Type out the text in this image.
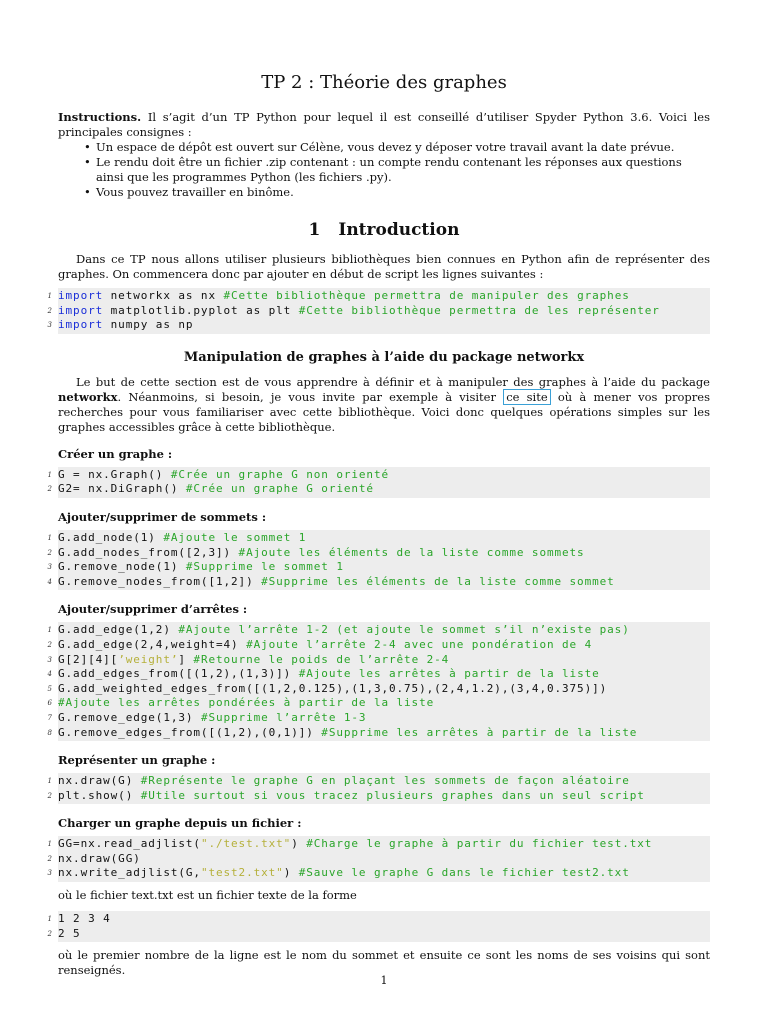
TP 2 : Théorie des graphes

Instructions. Il s’agit d’un TP Python pour lequel il est conseillé d’utiliser Spyder Python 3.6. Voici les principales consignes :

• Un espace de dépôt est ouvert sur Célène, vous devez y déposer votre travail avant la date prévue.
• Le rendu doit être un fichier .zip contenant : un compte rendu contenant les réponses aux questions ainsi que les programmes Python (les fichiers .py).
• Vous pouvez travailler en binôme.
1 Introduction

Dans ce TP nous allons utiliser plusieurs bibliothèques bien connues en Python afin de représenter des graphes. On commencera donc par ajouter en début de script les lignes suivantes :

1 import networkx as nx #Cette bibliothèque permettra de manipuler des graphes
2 import matplotlib.pyplot as plt #Cette bibliothèque permettra de les représenter
3 import numpy as np
Manipulation de graphes à l’aide du package networkx

Le but de cette section est de vous apprendre à définir et à manipuler des graphes à l’aide du package networkx. Néanmoins, si besoin, je vous invite par exemple à visiter ce site où à mener vos propres recherches pour vous familiariser avec cette bibliothèque. Voici donc quelques opérations simples sur les graphes accessibles grâce à cette bibliothèque.

Créer un graphe :
1 G = nx.Graph() #Crée un graphe G non orienté
2 G2= nx.DiGraph() #Crée un graphe G orienté
Ajouter/supprimer de sommets :
1 G.add_node(1) #Ajoute le sommet 1
2 G.add_nodes_from([2,3]) #Ajoute les éléments de la liste comme sommets
3 G.remove_node(1) #Supprime le sommet 1
4 G.remove_nodes_from([1,2]) #Supprime les éléments de la liste comme sommet
Ajouter/supprimer d’arrêtes :
1 G.add_edge(1,2) #Ajoute l’arrête 1-2 (et ajoute le sommet s’il n’existe pas)
2 G.add_edge(2,4,weight=4) #Ajoute l’arrête 2-4 avec une pondération de 4
3 G[2][4][’weight’] #Retourne le poids de l’arrête 2-4
4 G.add_edges_from([(1,2),(1,3)]) #Ajoute les arrêtes à partir de la liste
5 G.add_weighted_edges_from([(1,2,0.125),(1,3,0.75),(2,4,1.2),(3,4,0.375)])
6 #Ajoute les arrêtes pondérées à partir de la liste
7 G.remove_edge(1,3) #Supprime l’arrête 1-3
8 G.remove_edges_from([(1,2),(0,1)]) #Supprime les arrêtes à partir de la liste
Représenter un graphe :
1 nx.draw(G) #Représente le graphe G en plaçant les sommets de façon aléatoire
2 plt.show() #Utile surtout si vous tracez plusieurs graphes dans un seul script
Charger un graphe depuis un fichier :
1 GG=nx.read_adjlist("./test.txt") #Charge le graphe à partir du fichier test.txt
2 nx.draw(GG)
3 nx.write_adjlist(G,"test2.txt") #Sauve le graphe G dans le fichier test2.txt

où le fichier text.txt est un fichier texte de la forme

1 1 2 3 4
2 2 5

où le premier nombre de la ligne est le nom du sommet et ensuite ce sont les noms de ses voisins qui sont renseignés.

1
